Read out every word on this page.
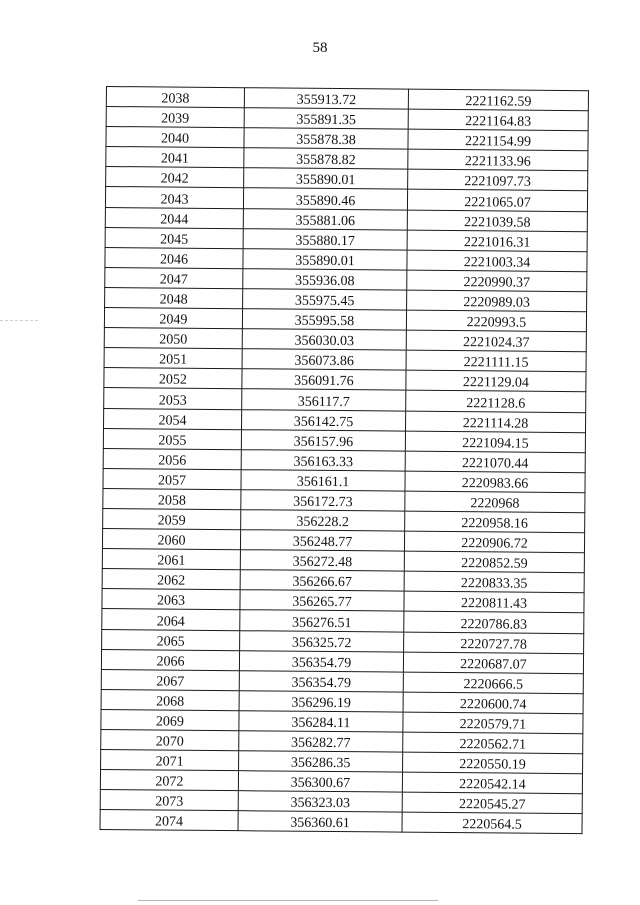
58
2038	355913.72	2221162.59
2039	355891.35	2221164.83
2040	355878.38	2221154.99
2041	355878.82	2221133.96
2042	355890.01	2221097.73
2043	355890.46	2221065.07
2044	355881.06	2221039.58
2045	355880.17	2221016.31
2046	355890.01	2221003.34
2047	355936.08	2220990.37
2048	355975.45	2220989.03
2049	355995.58	2220993.5
2050	356030.03	2221024.37
2051	356073.86	2221111.15
2052	356091.76	2221129.04
2053	356117.7	2221128.6
2054	356142.75	2221114.28
2055	356157.96	2221094.15
2056	356163.33	2221070.44
2057	356161.1	2220983.66
2058	356172.73	2220968
2059	356228.2	2220958.16
2060	356248.77	2220906.72
2061	356272.48	2220852.59
2062	356266.67	2220833.35
2063	356265.77	2220811.43
2064	356276.51	2220786.83
2065	356325.72	2220727.78
2066	356354.79	2220687.07
2067	356354.79	2220666.5
2068	356296.19	2220600.74
2069	356284.11	2220579.71
2070	356282.77	2220562.71
2071	356286.35	2220550.19
2072	356300.67	2220542.14
2073	356323.03	2220545.27
2074	356360.61	2220564.5
